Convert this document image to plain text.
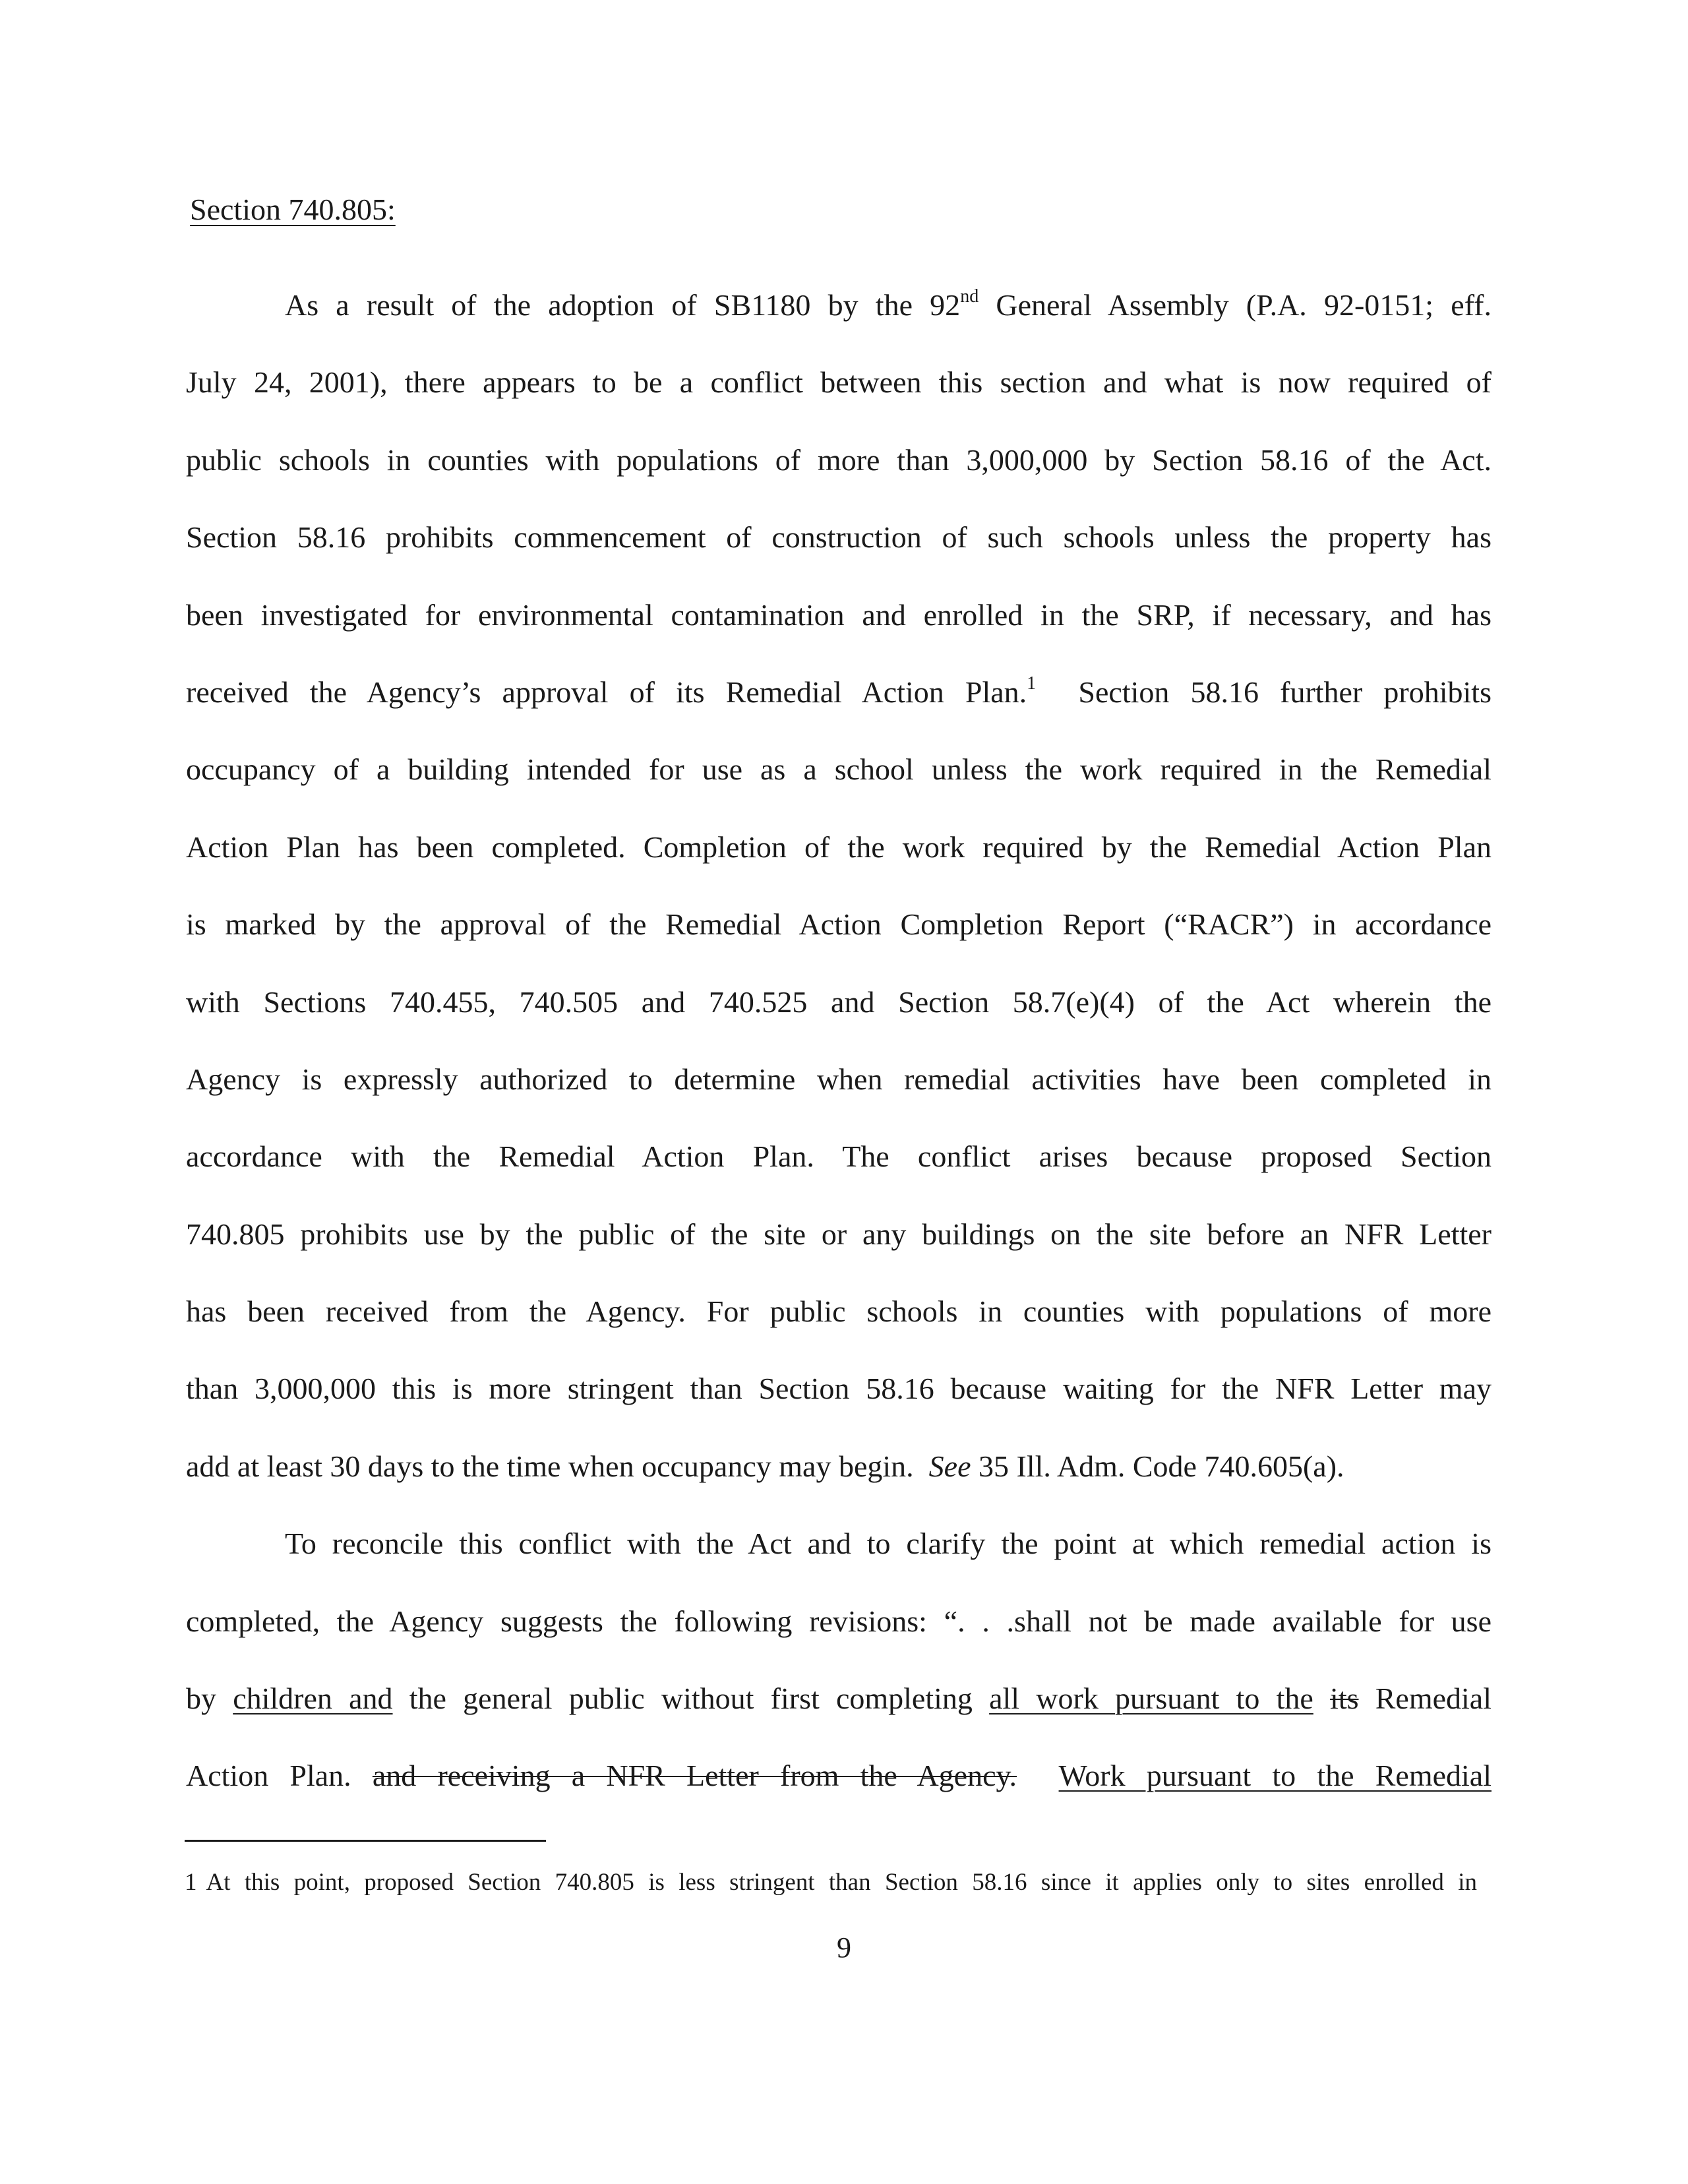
Section 740.805:
As a result of the adoption of SB1180 by the 92nd General Assembly (P.A. 92-0151; eff.
July 24, 2001), there appears to be a conflict between this section and what is now required of
public schools in counties with populations of more than 3,000,000 by Section 58.16 of the Act.
Section 58.16 prohibits commencement of construction of such schools unless the property has
been investigated for environmental contamination and enrolled in the SRP, if necessary, and has
received the Agency’s approval of its Remedial Action Plan.$^1$  Section 58.16 further prohibits
occupancy of a building intended for use as a school unless the work required in the Remedial
Action Plan has been completed. Completion of the work required by the Remedial Action Plan
is marked by the approval of the Remedial Action Completion Report (“RACR”) in accordance
with Sections 740.455, 740.505 and 740.525 and Section 58.7(e)(4) of the Act wherein the
Agency is expressly authorized to determine when remedial activities have been completed in
accordance with the Remedial Action Plan. The conflict arises because proposed Section
740.805 prohibits use by the public of the site or any buildings on the site before an NFR Letter
has been received from the Agency. For public schools in counties with populations of more
than 3,000,000 this is more stringent than Section 58.16 because waiting for the NFR Letter may
add at least 30 days to the time when occupancy may begin.  See 35 Ill. Adm. Code 740.605(a).
To reconcile this conflict with the Act and to clarify the point at which remedial action is
completed, the Agency suggests the following revisions: “. . .shall not be made available for use
by children and the general public without first completing all work pursuant to the its Remedial
Action Plan. and receiving a NFR Letter from the Agency. Work pursuant to the Remedial
1 At this point, proposed Section 740.805 is less stringent than Section 58.16 since it applies only to sites enrolled in
9
